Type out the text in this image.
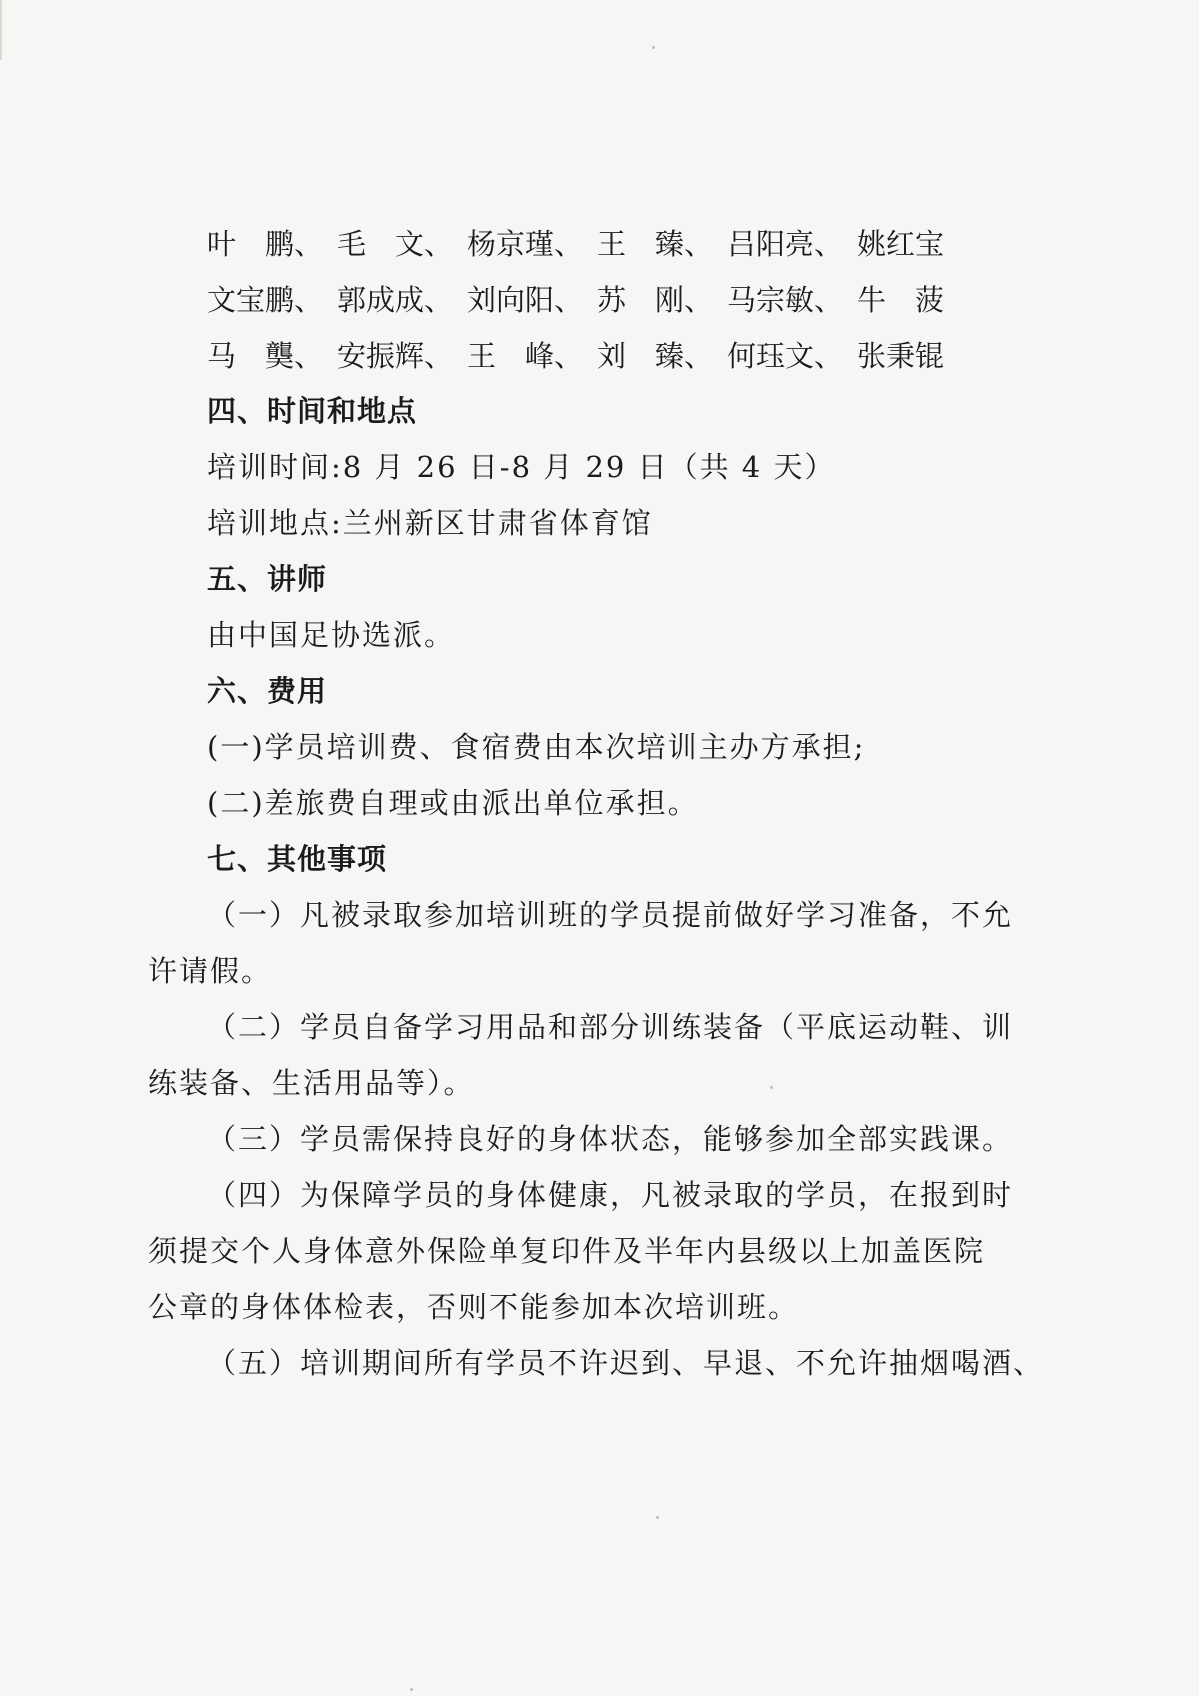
叶　鹏、 毛　文、 杨京瑾、 王　臻、 吕阳亮、 姚红宝
文宝鹏、 郭成成、 刘向阳、 苏　刚、 马宗敏、 牛　菠
马　龑、 安振辉、 王　峰、 刘　臻、 何珏文、 张秉锟
四、时间和地点
培训时间:8 月 26 日-8 月 29 日（共 4 天）
培训地点:兰州新区甘肃省体育馆
五、讲师
由中国足协选派。
六、费用
(一)学员培训费、食宿费由本次培训主办方承担;
(二)差旅费自理或由派出单位承担。
七、其他事项
（一）凡被录取参加培训班的学员提前做好学习准备，不允
许请假。
（二）学员自备学习用品和部分训练装备（平底运动鞋、训
练装备、生活用品等）。
（三）学员需保持良好的身体状态，能够参加全部实践课。
（四）为保障学员的身体健康，凡被录取的学员，在报到时
须提交个人身体意外保险单复印件及半年内县级以上加盖医院
公章的身体体检表，否则不能参加本次培训班。
（五）培训期间所有学员不许迟到、早退、不允许抽烟喝酒、
